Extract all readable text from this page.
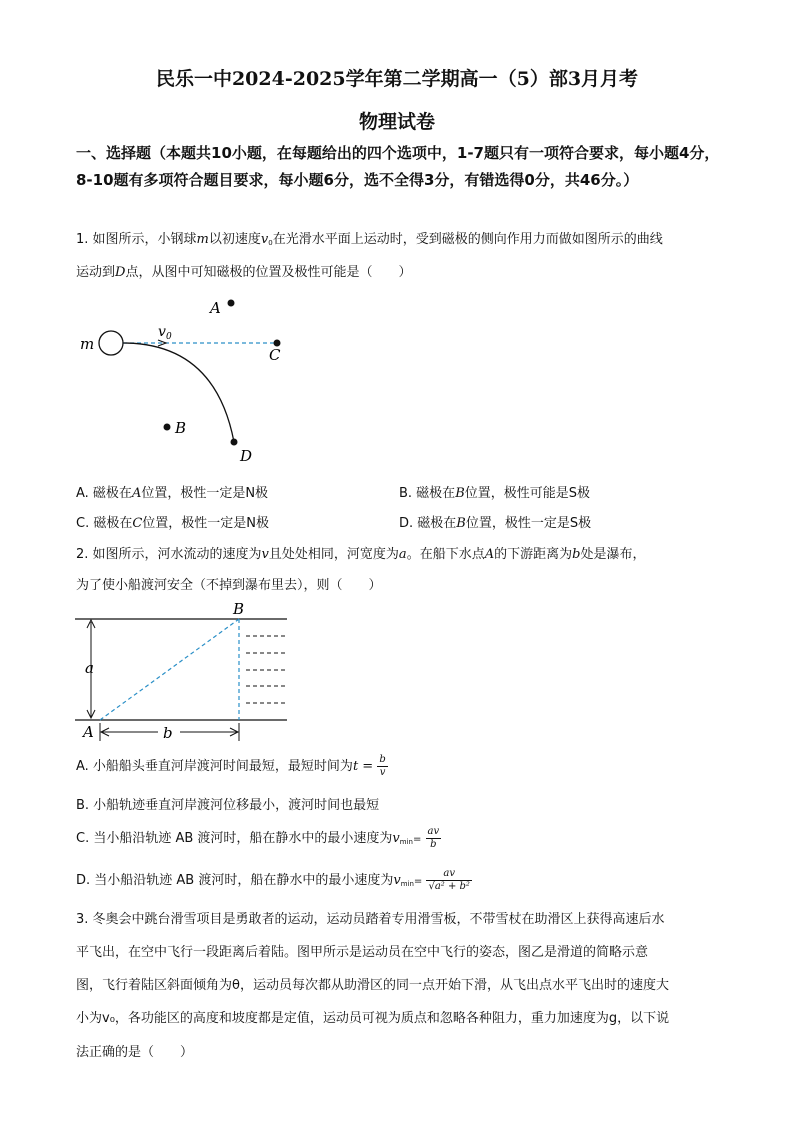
民乐一中2024-2025学年第二学期高一（5）部3月月考
物理试卷
一、选择题（本题共10小题，在每题给出的四个选项中，1-7题只有一项符合要求，每小题4分，8-10题有多项符合题目要求，每小题6分，选不全得3分，有错选得0分，共46分。）
1. 如图所示，小钢球m以初速度$v_0$在光滑水平面上运动时，受到磁极的侧向作用力而做如图所示的曲线
运动到D点，从图中可知磁极的位置及极性可能是（　　）
A
C
B
D
m
v 0
A. 磁极在A位置，极性一定是N极	B. 磁极在B位置，极性可能是S极
C. 磁极在C位置，极性一定是N极	D. 磁极在B位置，极性一定是S极
2. 如图所示，河水流动的速度为v且处处相同，河宽度为a。在船下水点A的下游距离为b处是瀑布，
为了使小船渡河安全（不掉到瀑布里去），则（　　）
a
b
B
A
A. 小船船头垂直河岸渡河时间最短，最短时间为$t = \frac{b}{v}$
B. 小船轨迹垂直河岸渡河位移最小，渡河时间也最短
C. 当小船沿轨迹 AB 渡河时，船在静水中的最小速度为$v_{min}= \frac{av}{b}$
D. 当小船沿轨迹 AB 渡河时，船在静水中的最小速度为$v_{min}= \frac{av}{\text{√a² + b²}}$
3. 冬奥会中跳台滑雪项目是勇敢者的运动，运动员踏着专用滑雪板，不带雪杖在助滑区上获得高速后水
平飞出，在空中飞行一段距离后着陆。图甲所示是运动员在空中飞行的姿态，图乙是滑道的简略示意
图，飞行着陆区斜面倾角为θ，运动员每次都从助滑区的同一点开始下滑，从飞出点水平飞出时的速度大
小为v₀，各功能区的高度和坡度都是定值，运动员可视为质点和忽略各种阻力，重力加速度为g，以下说
法正确的是（　　）
